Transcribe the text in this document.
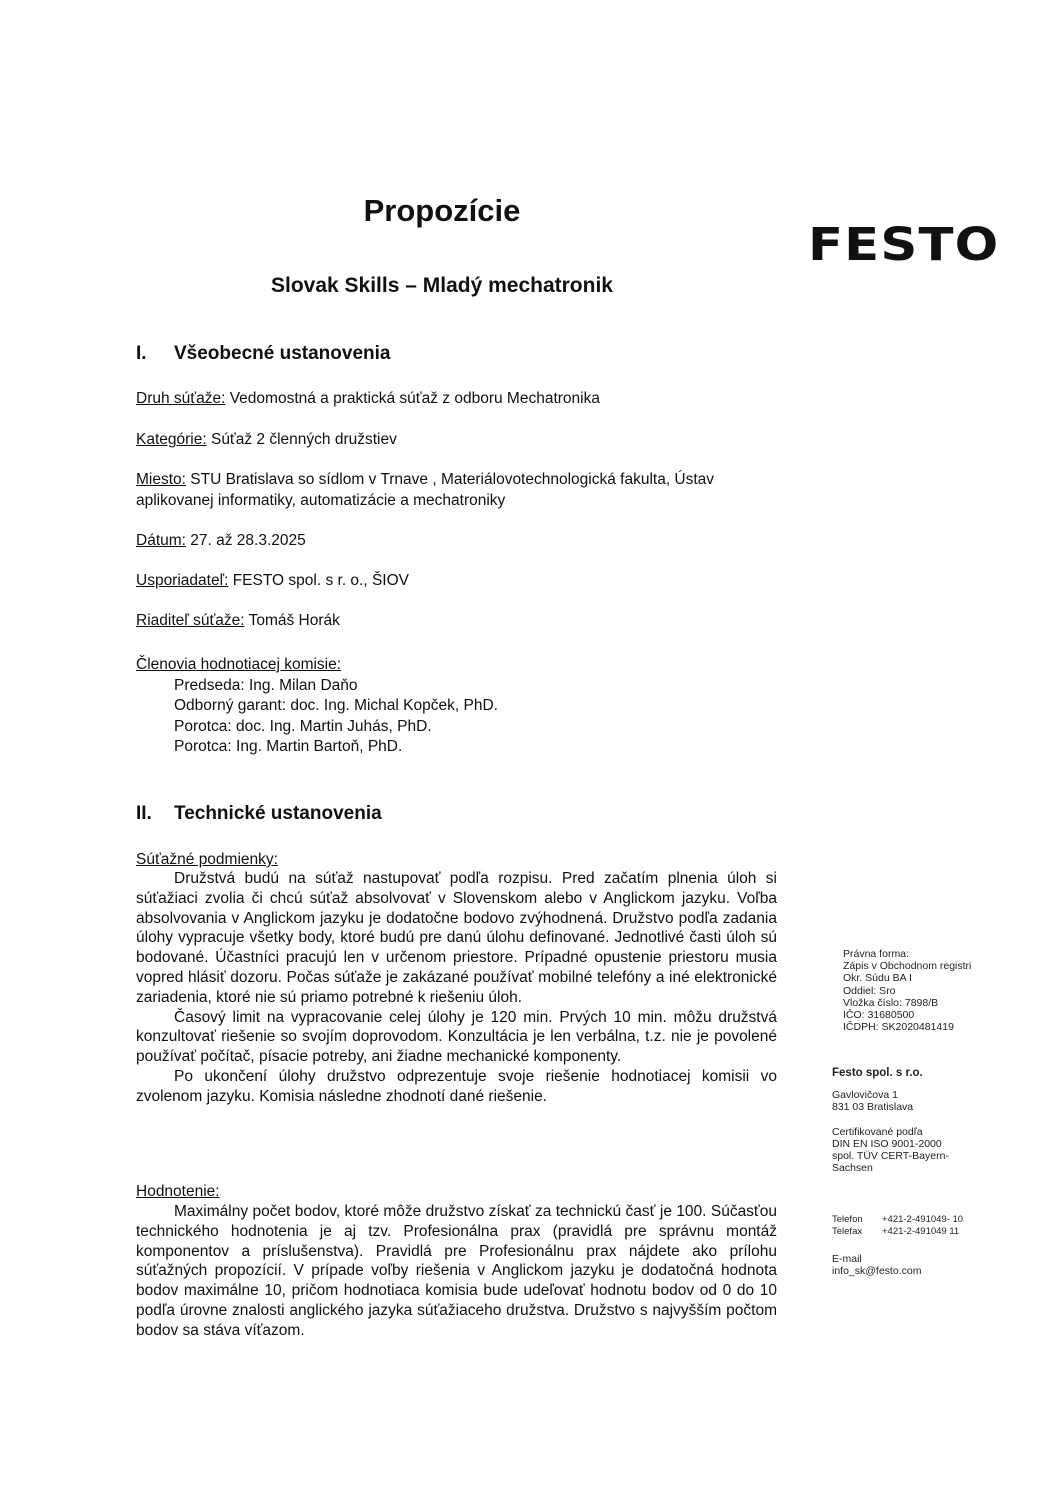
Propozície
FESTO
Slovak Skills – Mladý mechatronik
I. Všeobecné ustanovenia
Druh súťaže: Vedomostná a praktická súťaž z odboru Mechatronika
Kategórie: Súťaž 2 členných družstiev
Miesto: STU Bratislava so sídlom v Trnave , Materiálovotechnologická fakulta, Ústav
aplikovanej informatiky, automatizácie a mechatroniky
Dátum: 27. až 28.3.2025
Usporiadateľ: FESTO spol. s r. o., ŠIOV
Riaditeľ súťaže: Tomáš Horák
Členovia hodnotiacej komisie:
Predseda: Ing. Milan Daňo
Odborný garant: doc. Ing. Michal Kopček, PhD.
Porotca: doc. Ing. Martin Juhás, PhD.
Porotca: Ing. Martin Bartoň, PhD.
II. Technické ustanovenia
Súťažné podmienky:

Družstvá budú na súťaž nastupovať podľa rozpisu. Pred začatím plnenia úloh si súťažiaci zvolia či chcú súťaž absolvovať v Slovenskom alebo v Anglickom jazyku. Voľba absolvovania v Anglickom jazyku je dodatočne bodovo zvýhodnená. Družstvo podľa zadania úlohy vypracuje všetky body, ktoré budú pre danú úlohu definované. Jednotlivé časti úloh sú bodované. Účastníci pracujú len v určenom priestore. Prípadné opustenie priestoru musia vopred hlásiť dozoru. Počas súťaže je zakázané používať mobilné telefóny a iné elektronické zariadenia, ktoré nie sú priamo potrebné k riešeniu úloh.

Časový limit na vypracovanie celej úlohy je 120 min. Prvých 10 min. môžu družstvá konzultovať riešenie so svojím doprovodom. Konzultácia je len verbálna, t.z. nie je povolené používať počítač, písacie potreby, ani žiadne mechanické komponenty.

Po ukončení úlohy družstvo odprezentuje svoje riešenie hodnotiacej komisii vo zvolenom jazyku. Komisia následne zhodnotí dané riešenie.

Hodnotenie:

Maximálny počet bodov, ktoré môže družstvo získať za technickú časť je 100. Súčasťou technického hodnotenia je aj tzv. Profesionálna prax (pravidlá pre správnu montáž komponentov a príslušenstva). Pravidlá pre Profesionálnu prax nájdete ako prílohu súťažných propozícií. V prípade voľby riešenia v Anglickom jazyku je dodatočná hodnota bodov maximálne 10, pričom hodnotiaca komisia bude udeľovať hodnotu bodov od 0 do 10 podľa úrovne znalosti anglického jazyka súťažiaceho družstva. Družstvo s najvyšším počtom bodov sa stáva víťazom.

Právna forma:
Zápis v Obchodnom registri
Okr. Súdu BA I
Oddiel: Sro
Vložka číslo: 7898/B
IČO: 31680500
IČDPH: SK2020481419
Festo spol. s r.o.
Gavlovičova 1
831 03 Bratislava
Certifikované podľa
DIN EN ISO 9001-2000
spol. TÜV CERT-Bayern-
Sachsen
Telefon +421-2-491049- 10
Telefax +421-2-491049 11
E-mail
info_sk@festo.com
